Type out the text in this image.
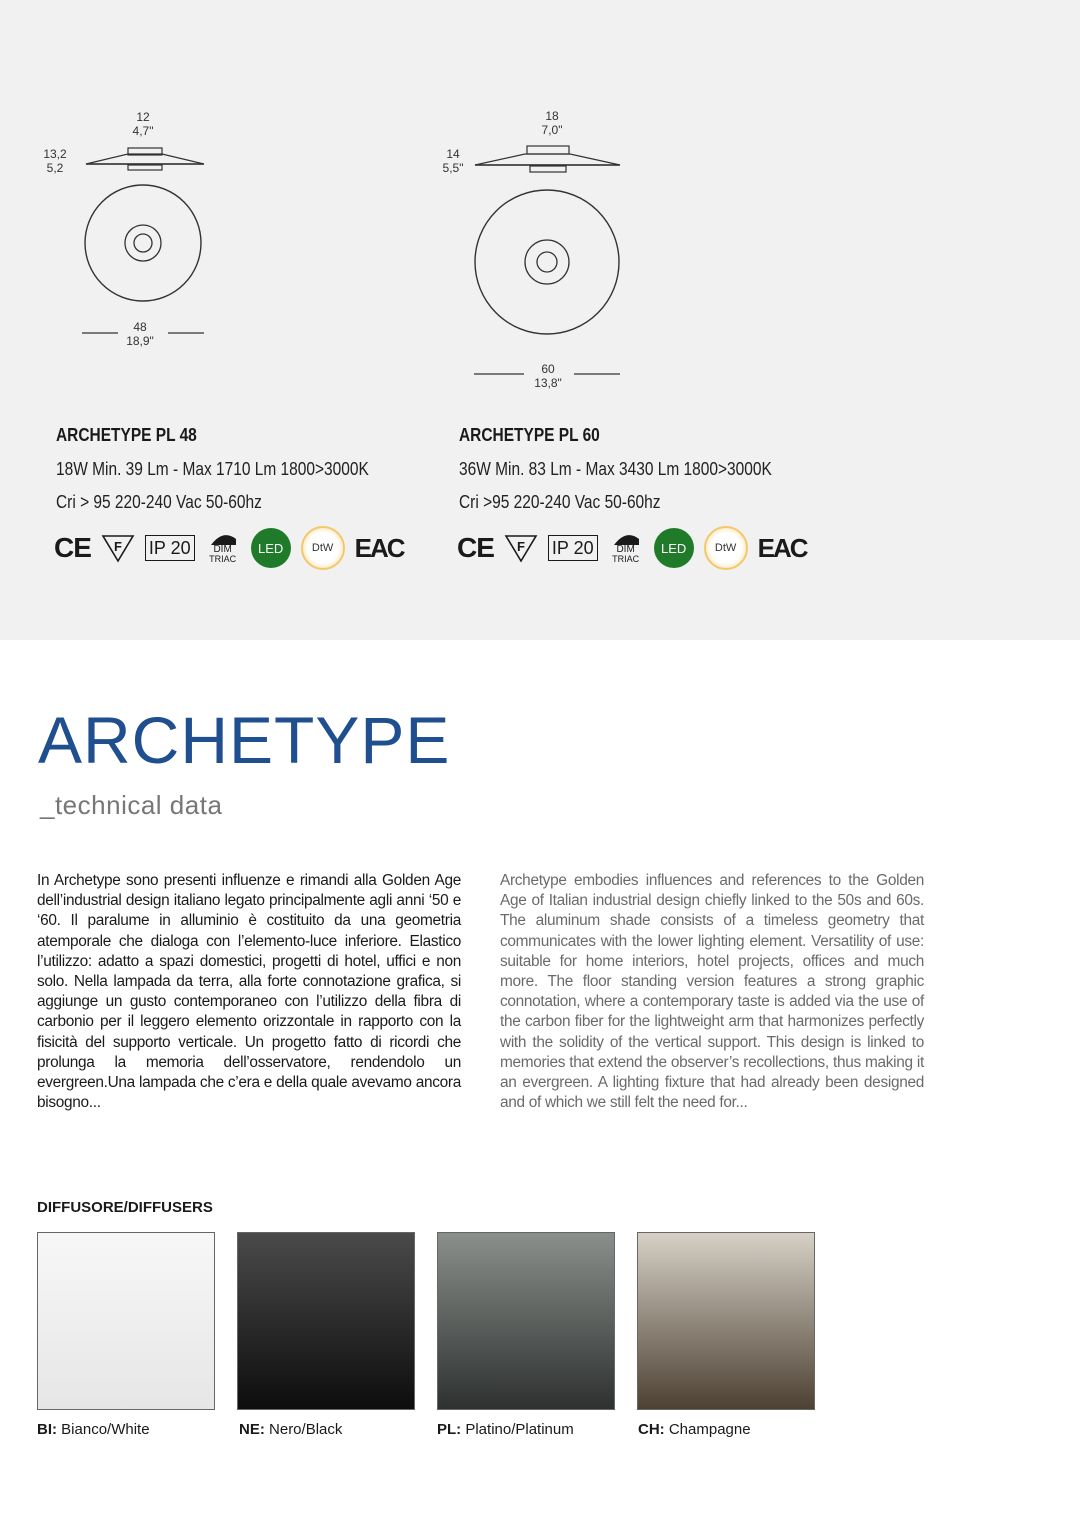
12
4,7"
13,2
5,2
48
18,9"
18
7,0"
14
5,5"
60
13,8"
ARCHETYPE PL 48
18W Min. 39 Lm - Max 1710 Lm 1800>3000K
Cri > 95 220-240 Vac 50-60hz
ARCHETYPE PL 60
36W Min. 83 Lm - Max 3430 Lm 1800>3000K
Cri >95 220-240 Vac 50-60hz
CE F IP 20	DIM
TRIAC
LED	DtW EAC CE F IP 20	DIM
TRIAC
LED	DtW EAC
ARCHETYPE
_technical data
In Archetype sono presenti influenze e rimandi alla Golden Age dell’industrial design italiano legato principalmente agli anni ‘50 e ‘60. Il paralume in alluminio è costituito da una geometria atemporale che dialoga con l’elemento-luce inferiore. Elastico l’utilizzo: adatto a spazi domestici, progetti di hotel, uffici e non solo. Nella lampada da terra, alla forte connotazione grafica, si aggiunge un gusto contemporaneo con l’utilizzo della fibra di carbonio per il leggero elemento orizzontale in rapporto con la fisicità del supporto verticale. Un progetto fatto di ricordi che prolunga la memoria dell’osservatore, rendendolo un evergreen.Una lampada che c’era e della quale avevamo ancora bisogno...
Archetype embodies influences and references to the Golden Age of Italian industrial design chiefly linked to the 50s and 60s. The aluminum shade consists of a timeless geometry that communicates with the lower lighting element. Versatility of use: suitable for home interiors, hotel projects, offices and much more. The floor standing version features a strong graphic connotation, where a contemporary taste is added via the use of the carbon fiber for the lightweight arm that harmonizes perfectly with the solidity of the vertical support. This design is linked to memories that extend the observer’s recollections, thus making it an evergreen. A lighting fixture that had already been designed and of which we still felt the need for...
DIFFUSORE/DIFFUSERS
BI: Bianco/White	NE: Nero/Black	PL: Platino/Platinum	CH: Champagne
